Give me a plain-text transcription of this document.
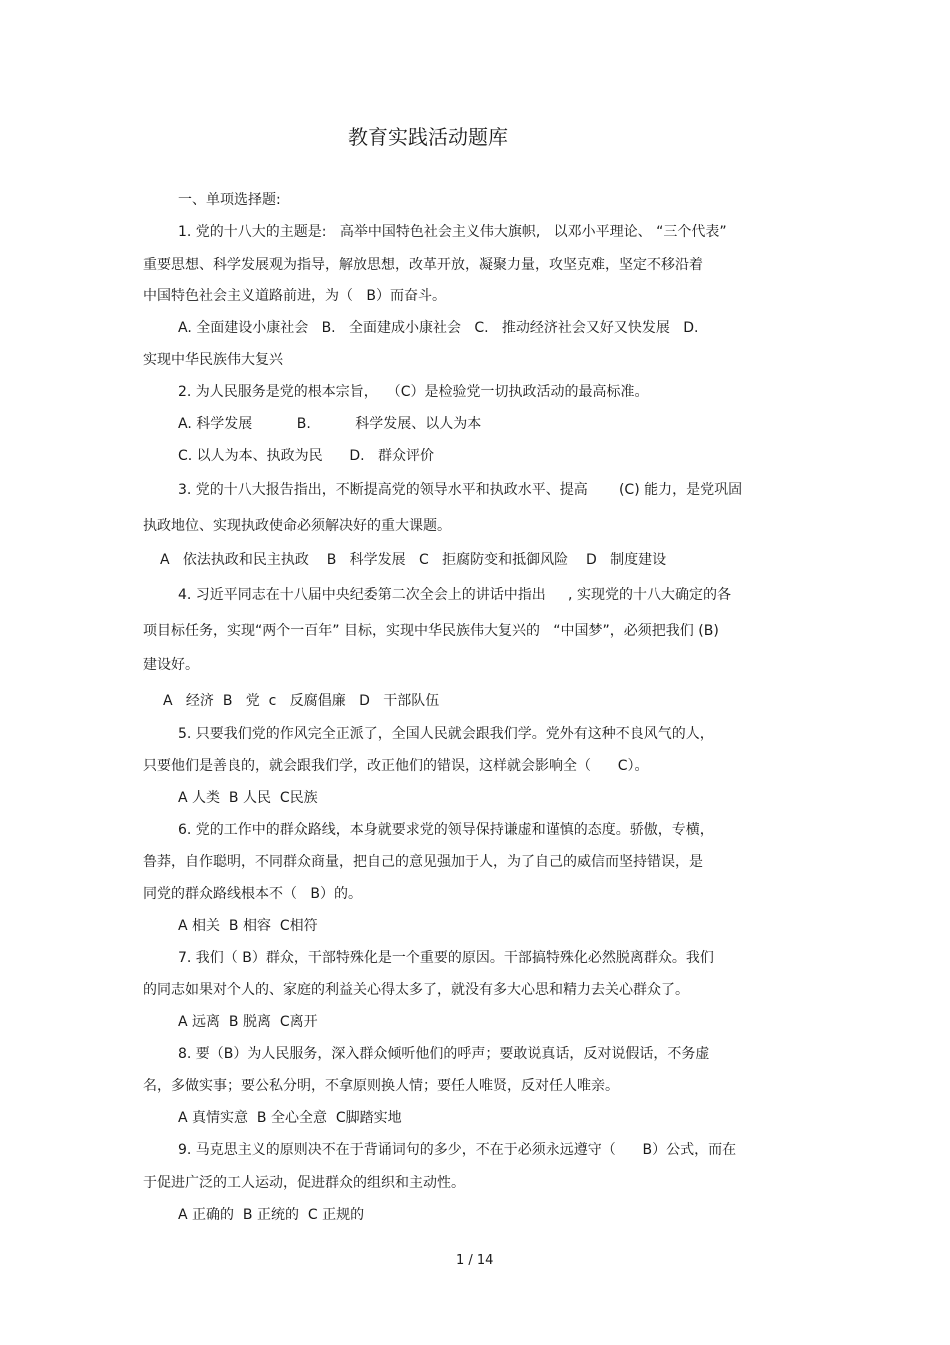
教育实践活动题库
一、单项选择题:
1. 党的十八大的主题是:   高举中国特色社会主义伟大旗帜,   以邓小平理论、 “三个代表”
重要思想、科学发展观为指导，解放思想，改革开放，凝聚力量，攻坚克难，坚定不移沿着
中国特色社会主义道路前进，为（   B）而奋斗。
A. 全面建设小康社会   B.   全面建成小康社会   C.   推动经济社会又好又快发展   D.
实现中华民族伟大复兴
2. 为人民服务是党的根本宗旨，  （C）是检验党一切执政活动的最高标准。
A. 科学发展          B.          科学发展、以人为本
C. 以人为本、执政为民      D.   群众评价
3. 党的十八大报告指出，不断提高党的领导水平和执政水平、提高       (C) 能力，是党巩固
执政地位、实现执政使命必须解决好的重大课题。
A   依法执政和民主执政    B   科学发展   C   拒腐防变和抵御风险    D   制度建设
4. 习近平同志在十八届中央纪委第二次全会上的讲话中指出     , 实现党的十八大确定的各
项目标任务，实现“两个一百年” 目标，实现中华民族伟大复兴的   “中国梦”，必须把我们 (B)
建设好。
A   经济  B   党  c   反腐倡廉   D   干部队伍
5. 只要我们党的作风完全正派了，全国人民就会跟我们学。党外有这种不良风气的人，
只要他们是善良的，就会跟我们学，改正他们的错误，这样就会影响全（      C）。
A 人类  B 人民  C民族
6. 党的工作中的群众路线，本身就要求党的领导保持谦虚和谨慎的态度。骄傲，专横，
鲁莽，自作聪明，不同群众商量，把自己的意见强加于人，为了自己的威信而坚持错误，是
同党的群众路线根本不（   B）的。
A 相关  B 相容  C相符
7. 我们（ B）群众，干部特殊化是一个重要的原因。干部搞特殊化必然脱离群众。我们
的同志如果对个人的、家庭的利益关心得太多了，就没有多大心思和精力去关心群众了。
A 远离  B 脱离  C离开
8. 要（B）为人民服务，深入群众倾听他们的呼声；要敢说真话，反对说假话，不务虚
名，多做实事；要公私分明，不拿原则换人情；要任人唯贤，反对任人唯亲。
A 真情实意  B 全心全意  C脚踏实地
9. 马克思主义的原则决不在于背诵词句的多少，不在于必须永远遵守（      B）公式，而在
于促进广泛的工人运动，促进群众的组织和主动性。
A 正确的  B 正统的  C 正规的
1 / 14
